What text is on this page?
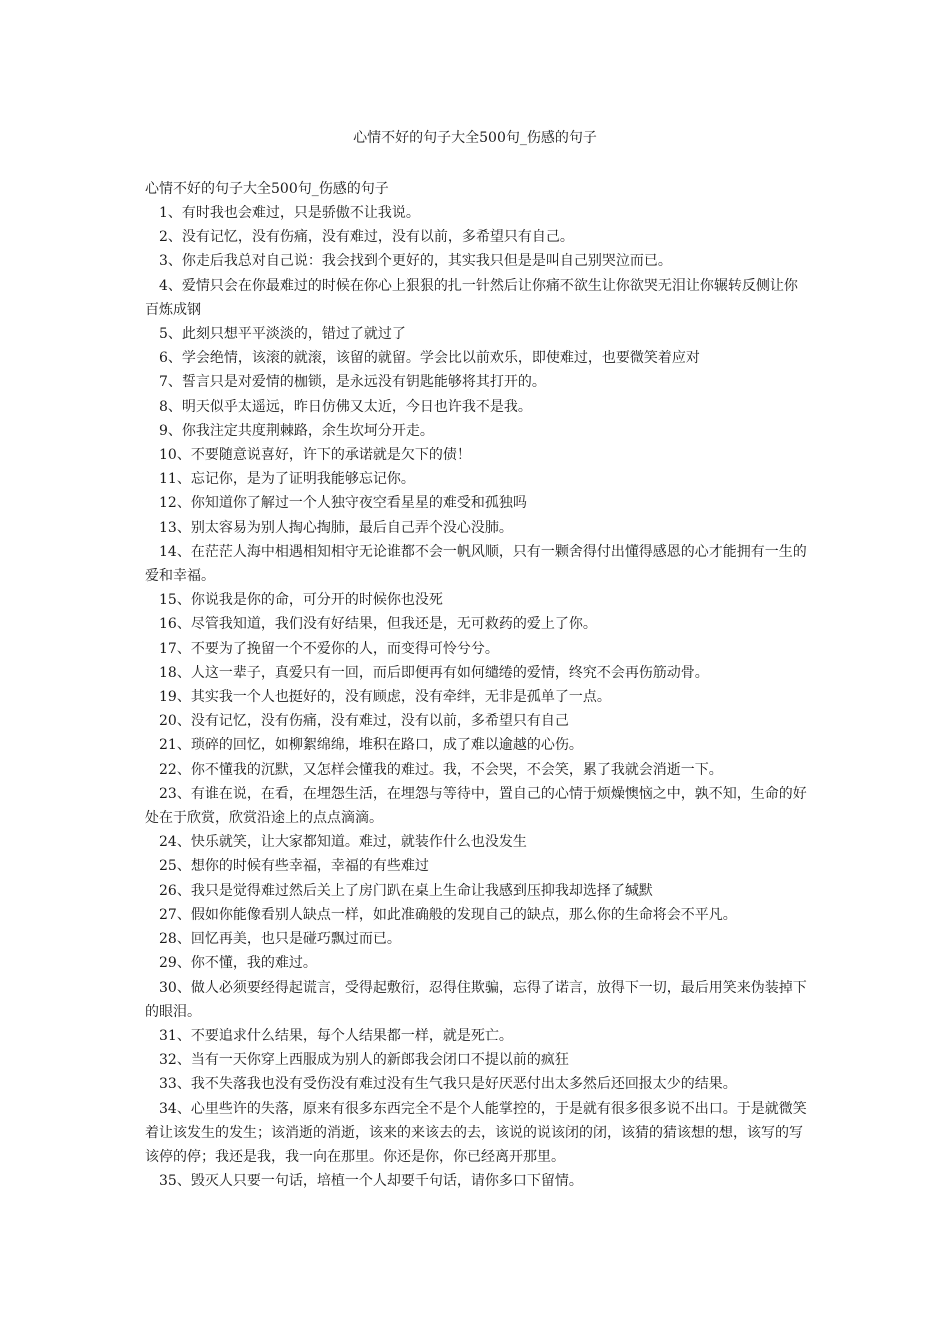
心情不好的句子大全500句_伤感的句子
心情不好的句子大全500句_伤感的句子

1、有时我也会难过，只是骄傲不让我说。

2、没有记忆，没有伤痛，没有难过，没有以前，多希望只有自己。

3、你走后我总对自己说：我会找到个更好的，其实我只但是是叫自己别哭泣而已。

4、爱情只会在你最难过的时候在你心上狠狠的扎一针然后让你痛不欲生让你欲哭无泪让你辗转反侧让你百炼成钢

5、此刻只想平平淡淡的，错过了就过了

6、学会绝情，该滚的就滚，该留的就留。学会比以前欢乐，即使难过，也要微笑着应对

7、誓言只是对爱情的枷锁，是永远没有钥匙能够将其打开的。

8、明天似乎太遥远，昨日仿佛又太近，今日也许我不是我。

9、你我注定共度荆棘路，余生坎坷分开走。

10、不要随意说喜好，许下的承诺就是欠下的债！

11、忘记你，是为了证明我能够忘记你。

12、你知道你了解过一个人独守夜空看星星的难受和孤独吗

13、别太容易为别人掏心掏肺，最后自己弄个没心没肺。

14、在茫茫人海中相遇相知相守无论谁都不会一帆风顺，只有一颗舍得付出懂得感恩的心才能拥有一生的爱和幸福。

15、你说我是你的命，可分开的时候你也没死

16、尽管我知道，我们没有好结果，但我还是，无可救药的爱上了你。

17、不要为了挽留一个不爱你的人，而变得可怜兮兮。

18、人这一辈子，真爱只有一回，而后即便再有如何缱绻的爱情，终究不会再伤筋动骨。

19、其实我一个人也挺好的，没有顾虑，没有牵绊，无非是孤单了一点。

20、没有记忆，没有伤痛，没有难过，没有以前，多希望只有自己

21、琐碎的回忆，如柳絮绵绵，堆积在路口，成了难以逾越的心伤。

22、你不懂我的沉默，又怎样会懂我的难过。我，不会哭，不会笑，累了我就会消逝一下。

23、有谁在说，在看，在埋怨生活，在埋怨与等待中，置自己的心情于烦燥懊恼之中，孰不知，生命的好处在于欣赏，欣赏沿途上的点点滴滴。

24、快乐就笑，让大家都知道。难过，就装作什么也没发生

25、想你的时候有些幸福，幸福的有些难过

26、我只是觉得难过然后关上了房门趴在桌上生命让我感到压抑我却选择了缄默

27、假如你能像看别人缺点一样，如此准确般的发现自己的缺点，那么你的生命将会不平凡。

28、回忆再美，也只是碰巧飘过而已。

29、你不懂，我的难过。

30、做人必须要经得起谎言，受得起敷衍，忍得住欺骗，忘得了诺言，放得下一切，最后用笑来伪装掉下的眼泪。

31、不要追求什么结果，每个人结果都一样，就是死亡。

32、当有一天你穿上西服成为别人的新郎我会闭口不提以前的疯狂

33、我不失落我也没有受伤没有难过没有生气我只是好厌恶付出太多然后还回报太少的结果。

34、心里些许的失落，原来有很多东西完全不是个人能掌控的，于是就有很多很多说不出口。于是就微笑着让该发生的发生；该消逝的消逝，该来的来该去的去，该说的说该闭的闭，该猜的猜该想的想，该写的写该停的停；我还是我，我一向在那里。你还是你，你已经离开那里。

35、毁灭人只要一句话，培植一个人却要千句话，请你多口下留情。
